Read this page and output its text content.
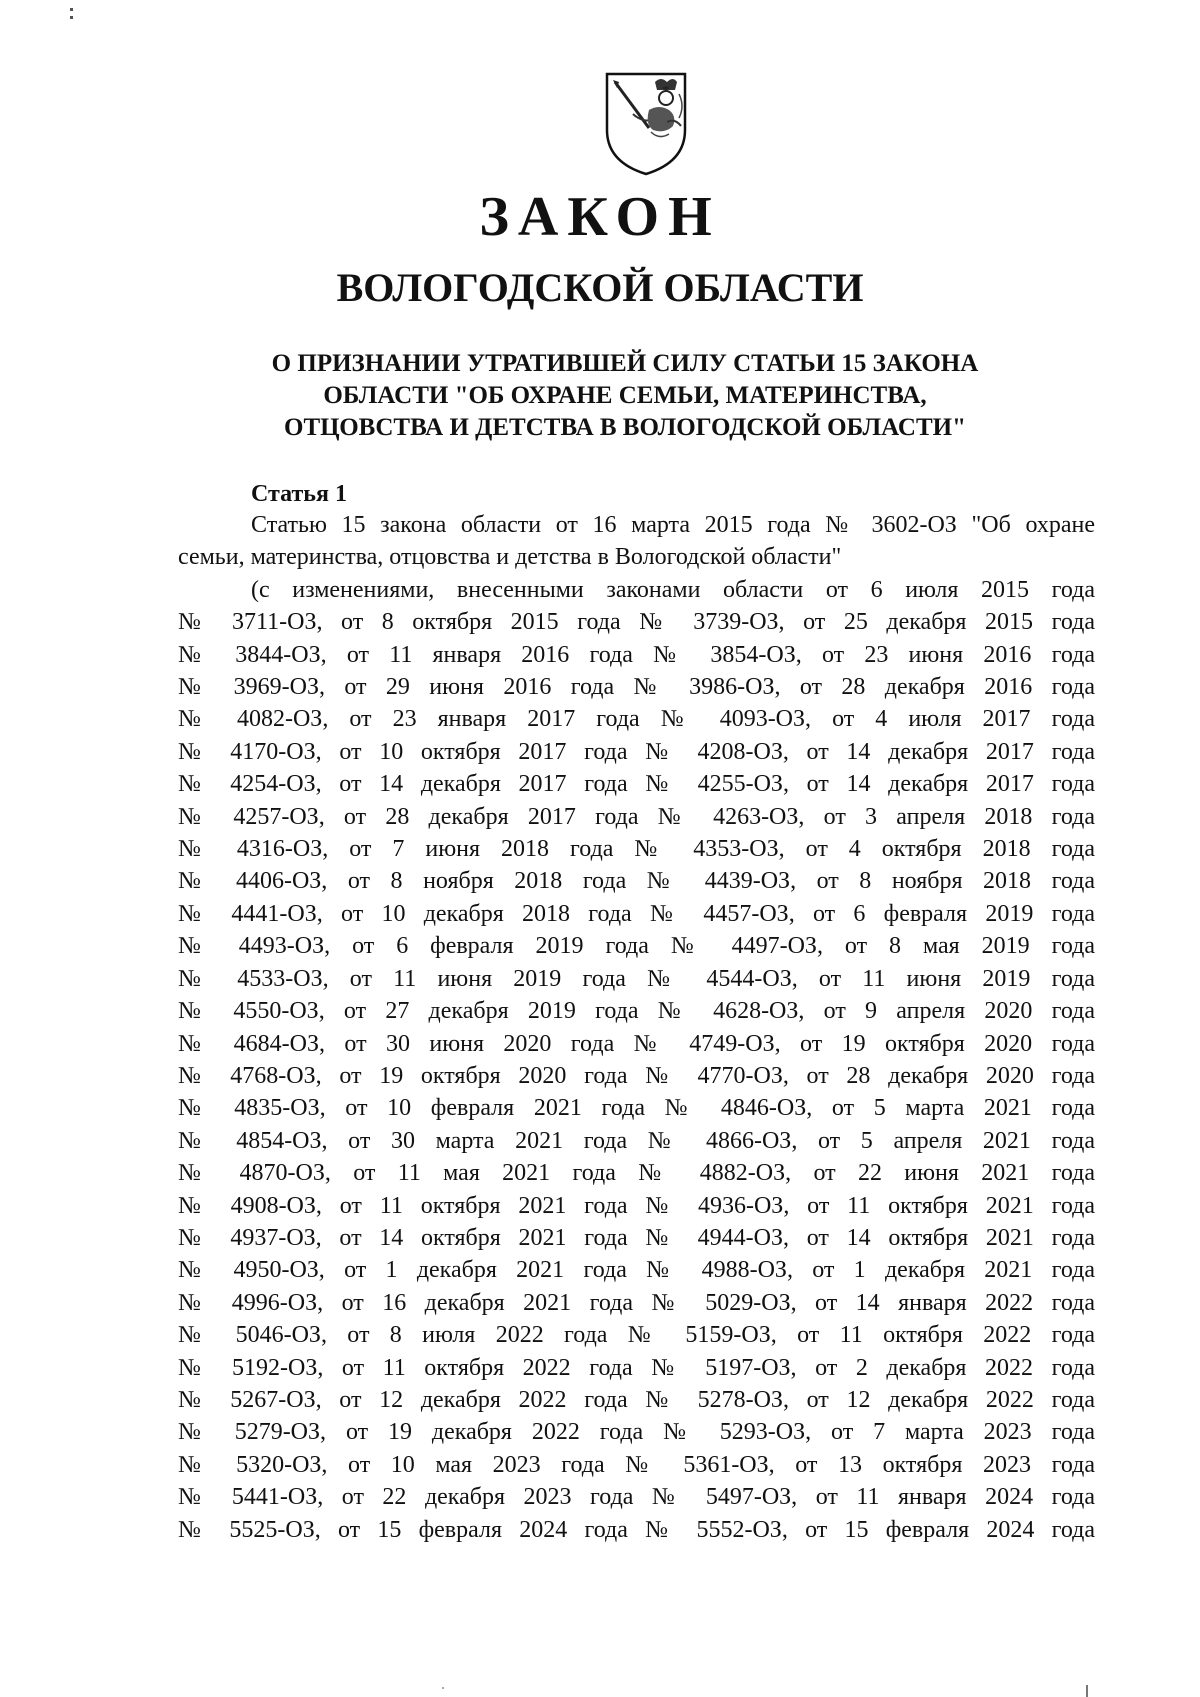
ЗАКОН
ВОЛОГОДСКОЙ ОБЛАСТИ
О ПРИЗНАНИИ УТРАТИВШЕЙ СИЛУ СТАТЬИ 15 ЗАКОНА
ОБЛАСТИ "ОБ ОХРАНЕ СЕМЬИ, МАТЕРИНСТВА,
ОТЦОВСТВА И ДЕТСТВА В ВОЛОГОДСКОЙ ОБЛАСТИ"
Статья 1
Статью 15 закона области от 16 марта 2015 года № 3602-ОЗ "Об охране
семьи, материнства, отцовства и детства в Вологодской области"
(с изменениями, внесенными законами области от 6 июля 2015 года
№ 3711-ОЗ, от 8 октября 2015 года № 3739-ОЗ, от 25 декабря 2015 года
№ 3844-ОЗ, от 11 января 2016 года № 3854-ОЗ, от 23 июня 2016 года
№ 3969-ОЗ, от 29 июня 2016 года № 3986-ОЗ, от 28 декабря 2016 года
№ 4082-ОЗ, от 23 января 2017 года № 4093-ОЗ, от 4 июля 2017 года
№ 4170-ОЗ, от 10 октября 2017 года № 4208-ОЗ, от 14 декабря 2017 года
№ 4254-ОЗ, от 14 декабря 2017 года № 4255-ОЗ, от 14 декабря 2017 года
№ 4257-ОЗ, от 28 декабря 2017 года № 4263-ОЗ, от 3 апреля 2018 года
№ 4316-ОЗ, от 7 июня 2018 года № 4353-ОЗ, от 4 октября 2018 года
№ 4406-ОЗ, от 8 ноября 2018 года № 4439-ОЗ, от 8 ноября 2018 года
№ 4441-ОЗ, от 10 декабря 2018 года № 4457-ОЗ, от 6 февраля 2019 года
№ 4493-ОЗ, от 6 февраля 2019 года № 4497-ОЗ, от 8 мая 2019 года
№ 4533-ОЗ, от 11 июня 2019 года № 4544-ОЗ, от 11 июня 2019 года
№ 4550-ОЗ, от 27 декабря 2019 года № 4628-ОЗ, от 9 апреля 2020 года
№ 4684-ОЗ, от 30 июня 2020 года № 4749-ОЗ, от 19 октября 2020 года
№ 4768-ОЗ, от 19 октября 2020 года № 4770-ОЗ, от 28 декабря 2020 года
№ 4835-ОЗ, от 10 февраля 2021 года № 4846-ОЗ, от 5 марта 2021 года
№ 4854-ОЗ, от 30 марта 2021 года № 4866-ОЗ, от 5 апреля 2021 года
№ 4870-ОЗ, от 11 мая 2021 года № 4882-ОЗ, от 22 июня 2021 года
№ 4908-ОЗ, от 11 октября 2021 года № 4936-ОЗ, от 11 октября 2021 года
№ 4937-ОЗ, от 14 октября 2021 года № 4944-ОЗ, от 14 октября 2021 года
№ 4950-ОЗ, от 1 декабря 2021 года № 4988-ОЗ, от 1 декабря 2021 года
№ 4996-ОЗ, от 16 декабря 2021 года № 5029-ОЗ, от 14 января 2022 года
№ 5046-ОЗ, от 8 июля 2022 года № 5159-ОЗ, от 11 октября 2022 года
№ 5192-ОЗ, от 11 октября 2022 года № 5197-ОЗ, от 2 декабря 2022 года
№ 5267-ОЗ, от 12 декабря 2022 года № 5278-ОЗ, от 12 декабря 2022 года
№ 5279-ОЗ, от 19 декабря 2022 года № 5293-ОЗ, от 7 марта 2023 года
№ 5320-ОЗ, от 10 мая 2023 года № 5361-ОЗ, от 13 октября 2023 года
№ 5441-ОЗ, от 22 декабря 2023 года № 5497-ОЗ, от 11 января 2024 года
№ 5525-ОЗ, от 15 февраля 2024 года № 5552-ОЗ, от 15 февраля 2024 года
